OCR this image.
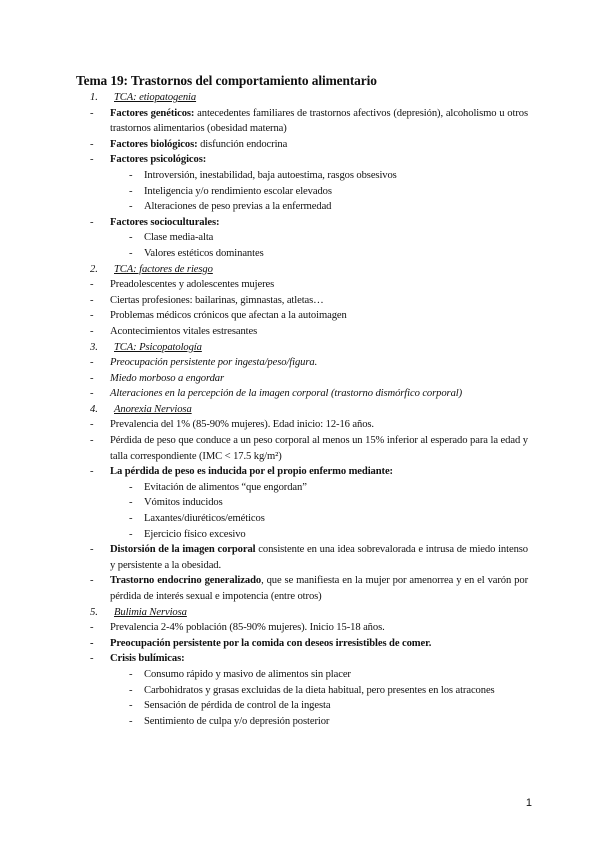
Tema 19: Trastornos del comportamiento alimentario
1. TCA: etiopatogenia
- Factores genéticos: antecedentes familiares de trastornos afectivos (depresión), alcoholismo u otros trastornos alimentarios (obesidad materna)
- Factores biológicos: disfunción endocrina
- Factores psicológicos:
- Introversión, inestabilidad, baja autoestima, rasgos obsesivos
- Inteligencia y/o rendimiento escolar elevados
- Alteraciones de peso previas a la enfermedad
- Factores socioculturales:
- Clase media-alta
- Valores estéticos dominantes
2. TCA: factores de riesgo
- Preadolescentes y adolescentes mujeres
- Ciertas profesiones: bailarinas, gimnastas, atletas…
- Problemas médicos crónicos que afectan a la autoimagen
- Acontecimientos vitales estresantes
3. TCA: Psicopatología
- Preocupación persistente por ingesta/peso/figura.
- Miedo morboso a engordar
- Alteraciones en la percepción de la imagen corporal (trastorno dismórfico corporal)
4. Anorexia Nerviosa
- Prevalencia del 1% (85-90% mujeres). Edad inicio: 12-16 años.
- Pérdida de peso que conduce a un peso corporal al menos un 15% inferior al esperado para la edad y talla correspondiente (IMC < 17.5 kg/m²)
- La pérdida de peso es inducida por el propio enfermo mediante:
- Evitación de alimentos “que engordan”
- Vómitos inducidos
- Laxantes/diuréticos/eméticos
- Ejercicio físico excesivo
- Distorsión de la imagen corporal consistente en una idea sobrevalorada e intrusa de miedo intenso y persistente a la obesidad.
- Trastorno endocrino generalizado, que se manifiesta en la mujer por amenorrea y en el varón por pérdida de interés sexual e impotencia (entre otros)
5. Bulimia Nerviosa
- Prevalencia 2-4% población (85-90% mujeres). Inicio 15-18 años.
- Preocupación persistente por la comida con deseos irresistibles de comer.
- Crisis bulímicas:
- Consumo rápido y masivo de alimentos sin placer
- Carbohidratos y grasas excluidas de la dieta habitual, pero presentes en los atracones
- Sensación de pérdida de control de la ingesta
- Sentimiento de culpa y/o depresión posterior
1
